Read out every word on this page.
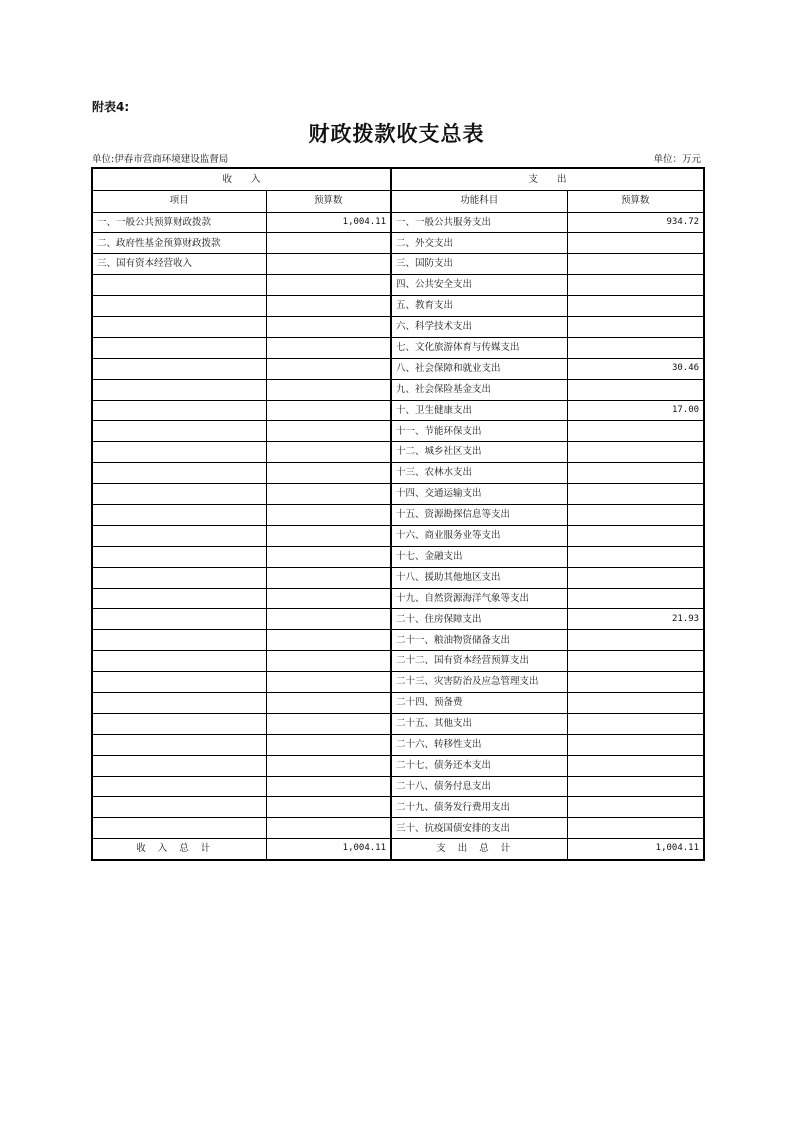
附表4:
财政拨款收支总表
单位:伊春市营商环境建设监督局	单位：万元
收　　入		支　　出	
项目	预算数	功能科目	预算数
一、一般公共预算财政拨款	1,004.11	一、一般公共服务支出	934.72
二、政府性基金预算财政拨款		二、外交支出	
三、国有资本经营收入		三、国防支出	
		四、公共安全支出	
		五、教育支出	
		六、科学技术支出	
		七、文化旅游体育与传媒支出	
		八、社会保障和就业支出	30.46
		九、社会保险基金支出	
		十、卫生健康支出	17.00
		十一、节能环保支出	
		十二、城乡社区支出	
		十三、农林水支出	
		十四、交通运输支出	
		十五、资源勘探信息等支出	
		十六、商业服务业等支出	
		十七、金融支出	
		十八、援助其他地区支出	
		十九、自然资源海洋气象等支出	
		二十、住房保障支出	21.93
		二十一、粮油物资储备支出	
		二十二、国有资本经营预算支出	
		二十三、灾害防治及应急管理支出	
		二十四、预备费	
		二十五、其他支出	
		二十六、转移性支出	
		二十七、债务还本支出	
		二十八、债务付息支出	
		二十九、债务发行费用支出	
		三十、抗疫国债安排的支出	
收入总计	1,004.11	支出总计	1,004.11
